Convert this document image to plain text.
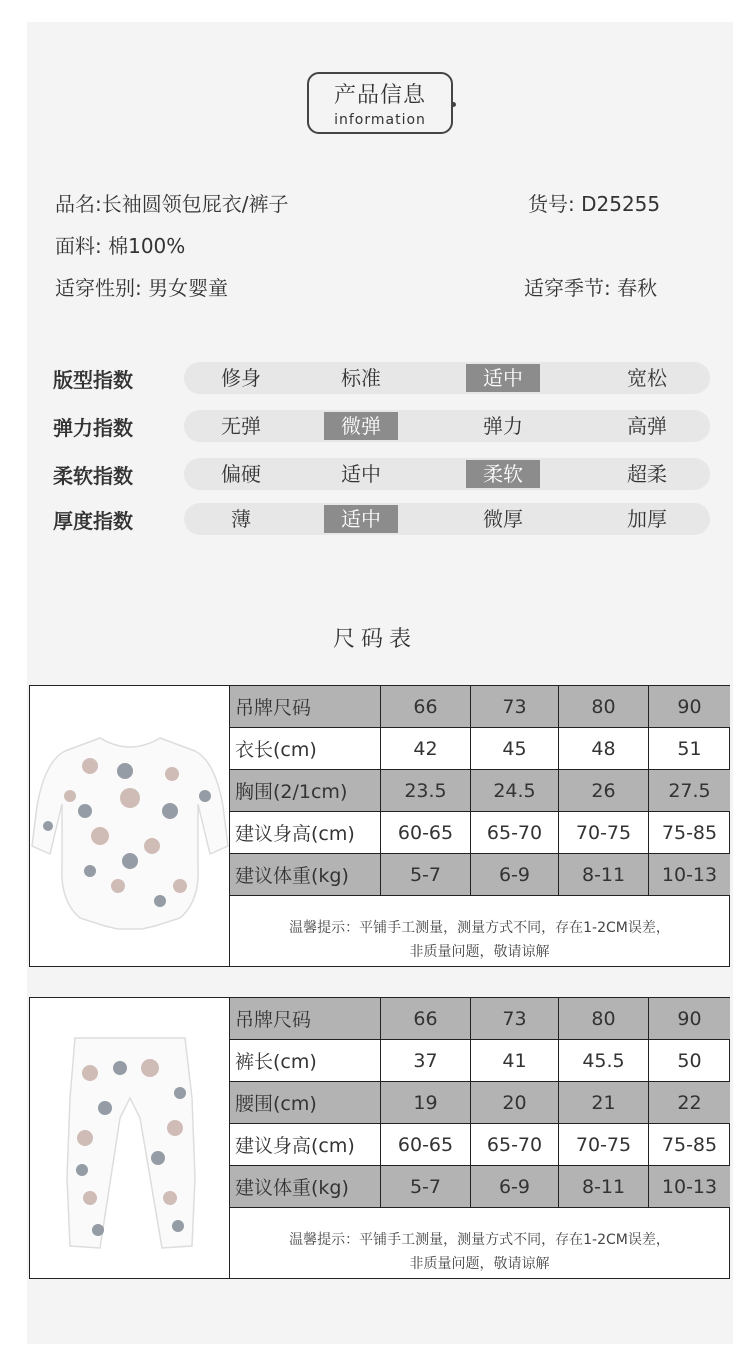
产品信息
information
品名:长袖圆领包屁衣/裤子	货号: D25255
面料: 棉100%
适穿性别: 男女婴童	适穿季节: 春秋
版型指数	修身	标准	适中	宽松
弹力指数	无弹	微弹	弹力	高弹
柔软指数	偏硬	适中	柔软	超柔
厚度指数	薄	适中	微厚	加厚
尺码表
吊牌尺码	66	73	80	90
衣长(cm)	42	45	48	51
胸围(2/1cm)	23.5	24.5	26	27.5
建议身高(cm)	60-65	65-70	70-75	75-85
建议体重(kg)	5-7	6-9	8-11	10-13
温馨提示：平铺手工测量，测量方式不同，存在1-2CM误差，
非质量问题，敬请谅解
吊牌尺码	66	73	80	90
裤长(cm)	37	41	45.5	50
腰围(cm)	19	20	21	22
建议身高(cm)	60-65	65-70	70-75	75-85
建议体重(kg)	5-7	6-9	8-11	10-13
温馨提示：平铺手工测量，测量方式不同，存在1-2CM误差，
非质量问题，敬请谅解
